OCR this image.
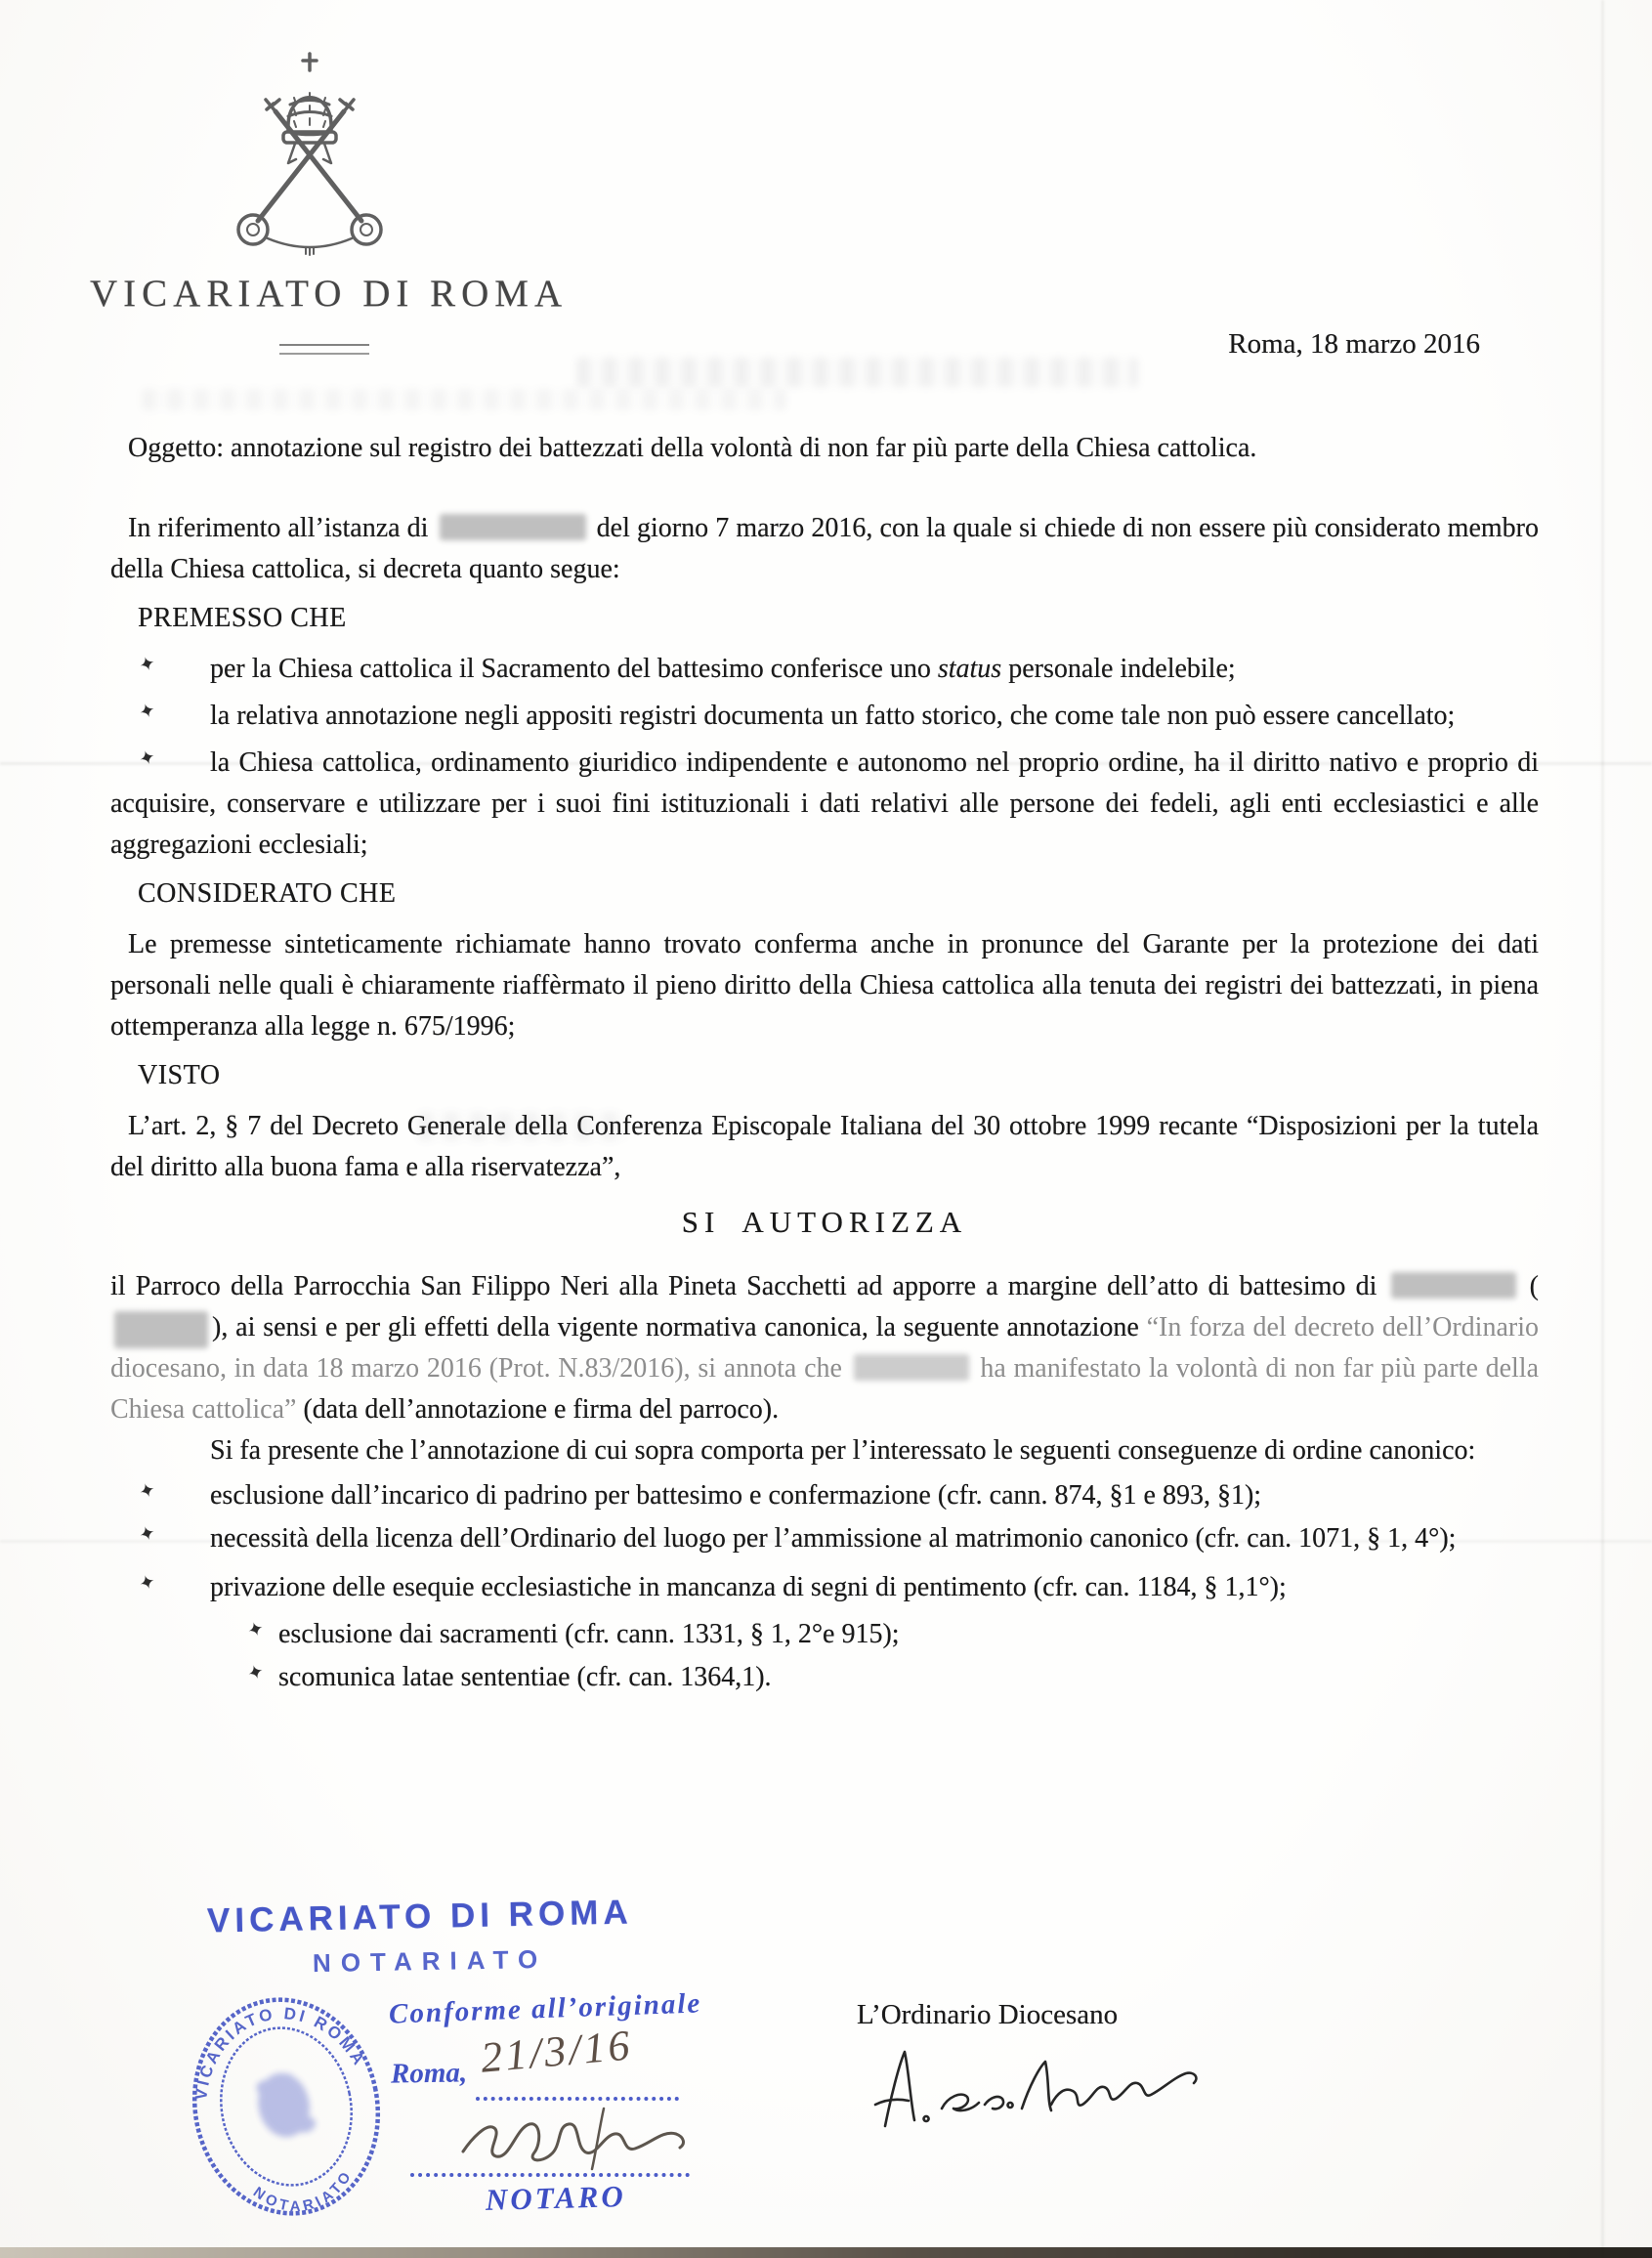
VICARIATO DI ROMA
Roma, 18 marzo 2016

Oggetto: annotazione sul registro dei battezzati della volontà di non far più parte della Chiesa cattolica.

In riferimento all’istanza di	del giorno 7 marzo 2016, con la quale si chiede di non essere più considerato membro della Chiesa cattolica, si decreta quanto segue:

PREMESSO CHE

✦ per la Chiesa cattolica il Sacramento del battesimo conferisce uno status personale indelebile;

✦ la relativa annotazione negli appositi registri documenta un fatto storico, che come tale non può essere cancellato;

✦ la Chiesa cattolica, ordinamento giuridico indipendente e autonomo nel proprio ordine, ha il diritto nativo e proprio di acquisire, conservare e utilizzare per i suoi fini istituzionali i dati relativi alle persone dei fedeli, agli enti ecclesiastici e alle aggregazioni ecclesiali;

CONSIDERATO CHE

Le premesse sinteticamente richiamate hanno trovato conferma anche in pronunce del Garante per la protezione dei dati personali nelle quali è chiaramente riaffèrmato il pieno diritto della Chiesa cattolica alla tenuta dei registri dei battezzati, in piena ottemperanza alla legge n. 675/1996;

VISTO

L’art. 2, § 7 del Decreto Generale della Conferenza Episcopale Italiana del 30 ottobre 1999 recante “Disposizioni per la tutela del diritto alla buona fama e alla riservatezza”,

SI AUTORIZZA

il Parroco della Parrocchia San Filippo Neri alla Pineta Sacchetti ad apporre a margine dell’atto di battesimo di	(), ai sensi e per gli effetti della vigente normativa canonica, la seguente annotazione “In forza del decreto dell’Ordinario diocesano, in data 18 marzo 2016 (Prot. N.83/2016), si annota che	ha manifestato la volontà di non far più parte della Chiesa cattolica” (data dell’annotazione e firma del parroco).

Si fa presente che l’annotazione di cui sopra comporta per l’interessato le seguenti conseguenze di ordine canonico:

✦ esclusione dall’incarico di padrino per battesimo e confermazione (cfr. cann. 874, §1 e 893, §1);

✦ necessità della licenza dell’Ordinario del luogo per l’ammissione al matrimonio canonico (cfr. can. 1071, § 1, 4°);

✦ privazione delle esequie ecclesiastiche in mancanza di segni di pentimento (cfr. can. 1184, § 1,1°);

✦ esclusione dai sacramenti (cfr. cann. 1331, § 1, 2°e 915);

✦ scomunica latae sententiae (cfr. can. 1364,1).

VICARIATO DI ROMA
NOTARIATO
VICARIATO DI ROMA
NOTARIATO
Conforme all’originale
Roma, 21/3/16
NOTARO
L’Ordinario Diocesano
